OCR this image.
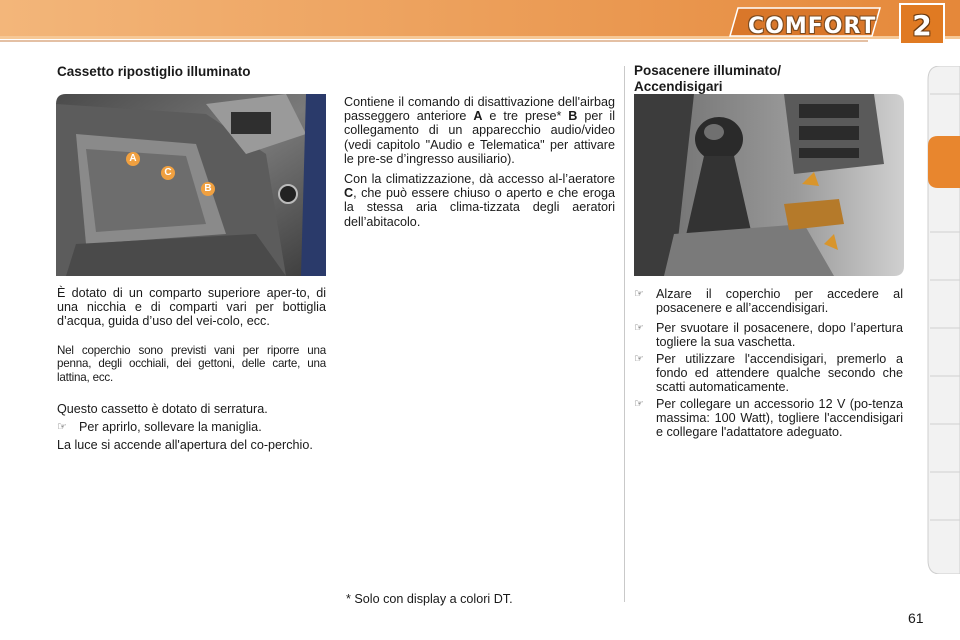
COMFORT 2
Cassetto ripostiglio illuminato
A
C
B

È dotato di un comparto superiore aper-to, di una nicchia e di comparti vari per bottiglia d’acqua, guida d’uso del vei-colo, ecc.

Nel coperchio sono previsti vani per riporre una penna, degli occhiali, dei gettoni, delle carte, una lattina, ecc.

Questo cassetto è dotato di serratura.

☞ Per aprirlo, sollevare la maniglia.

La luce si accende all'apertura del co-perchio.

Contiene il comando di disattivazione dell'airbag passeggero anteriore A e tre prese* B per il collegamento di un apparecchio audio/video (vedi capitolo "Audio e Telematica" per attivare le pre-se d’ingresso ausiliario).

Con la climatizzazione, dà accesso al-l’aeratore C, che può essere chiuso o aperto e che eroga la stessa aria clima-tizzata degli aeratori dell’abitacolo.

* Solo con display a colori DT.
Posacenere illuminato/
Accendisigari
☞ Alzare il coperchio per accedere al posacenere e all’accendisigari.
☞ Per svuotare il posacenere, dopo l’apertura togliere la sua vaschetta.
☞ Per utilizzare l'accendisigari, premerlo a fondo ed attendere qualche secondo che scatti automaticamente.
☞ Per collegare un accessorio 12 V (po-tenza massima: 100 Watt), togliere l'accendisigari e collegare l'adattatore adeguato.
61
